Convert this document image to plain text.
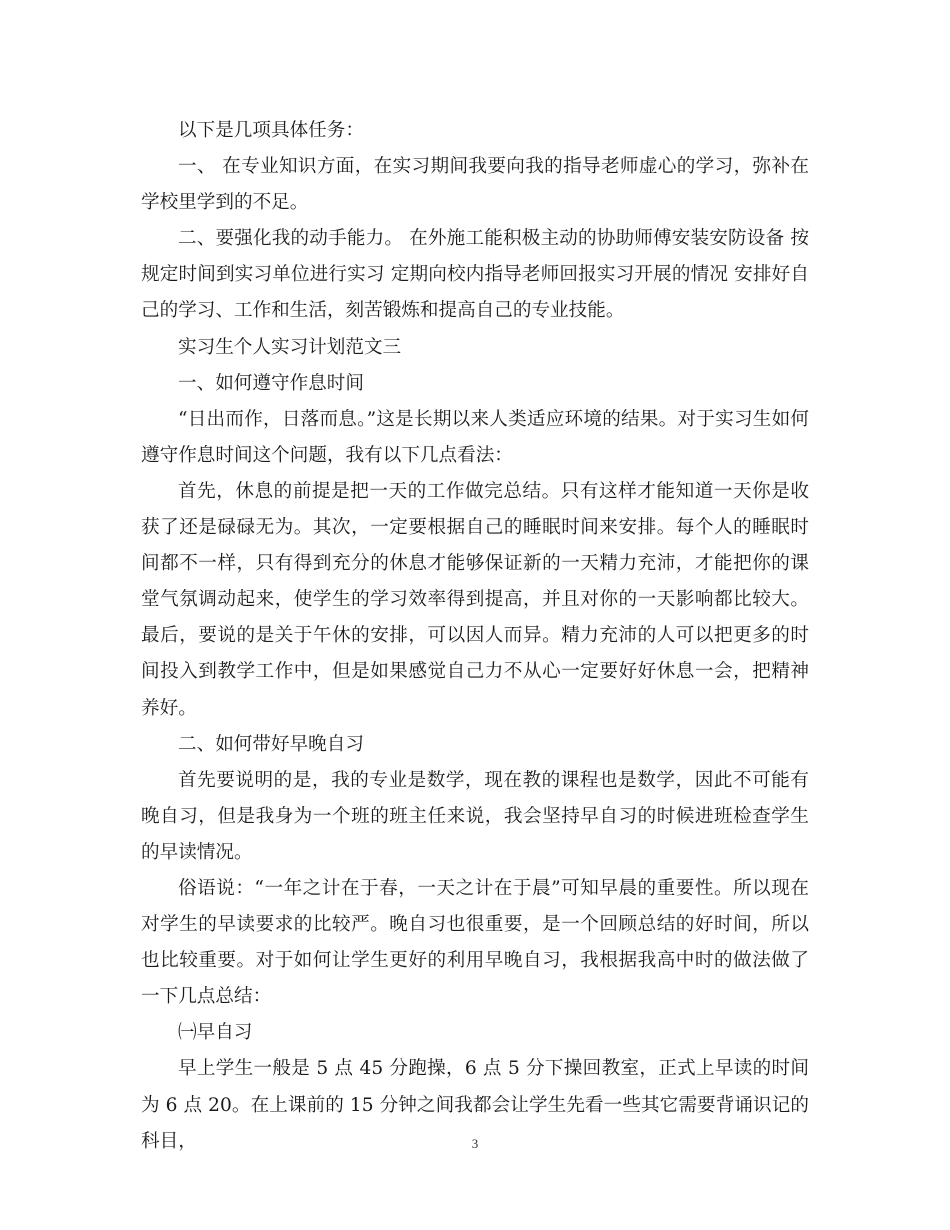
以下是几项具体任务：

一、 在专业知识方面，在实习期间我要向我的指导老师虚心的学习，弥补在学校里学到的不足。

二、要强化我的动手能力。 在外施工能积极主动的协助师傅安装安防设备 按规定时间到实习单位进行实习 定期向校内指导老师回报实习开展的情况 安排好自己的学习、工作和生活，刻苦锻炼和提高自己的专业技能。

实习生个人实习计划范文三

一、如何遵守作息时间

“日出而作，日落而息。”这是长期以来人类适应环境的结果。对于实习生如何遵守作息时间这个问题，我有以下几点看法：

首先，休息的前提是把一天的工作做完总结。只有这样才能知道一天你是收获了还是碌碌无为。其次，一定要根据自己的睡眠时间来安排。每个人的睡眠时间都不一样，只有得到充分的休息才能够保证新的一天精力充沛，才能把你的课堂气氛调动起来，使学生的学习效率得到提高，并且对你的一天影响都比较大。最后，要说的是关于午休的安排，可以因人而异。精力充沛的人可以把更多的时间投入到教学工作中，但是如果感觉自己力不从心一定要好好休息一会，把精神养好。

二、如何带好早晚自习

首先要说明的是，我的专业是数学，现在教的课程也是数学，因此不可能有晚自习，但是我身为一个班的班主任来说，我会坚持早自习的时候进班检查学生的早读情况。

俗语说：“一年之计在于春，一天之计在于晨”可知早晨的重要性。所以现在对学生的早读要求的比较严。晚自习也很重要，是一个回顾总结的好时间，所以也比较重要。对于如何让学生更好的利用早晚自习，我根据我高中时的做法做了一下几点总结：

㈠早自习

早上学生一般是 5 点 45 分跑操，6 点 5 分下操回教室，正式上早读的时间为 6 点 20。在上课前的 15 分钟之间我都会让学生先看一些其它需要背诵识记的科目，	3
